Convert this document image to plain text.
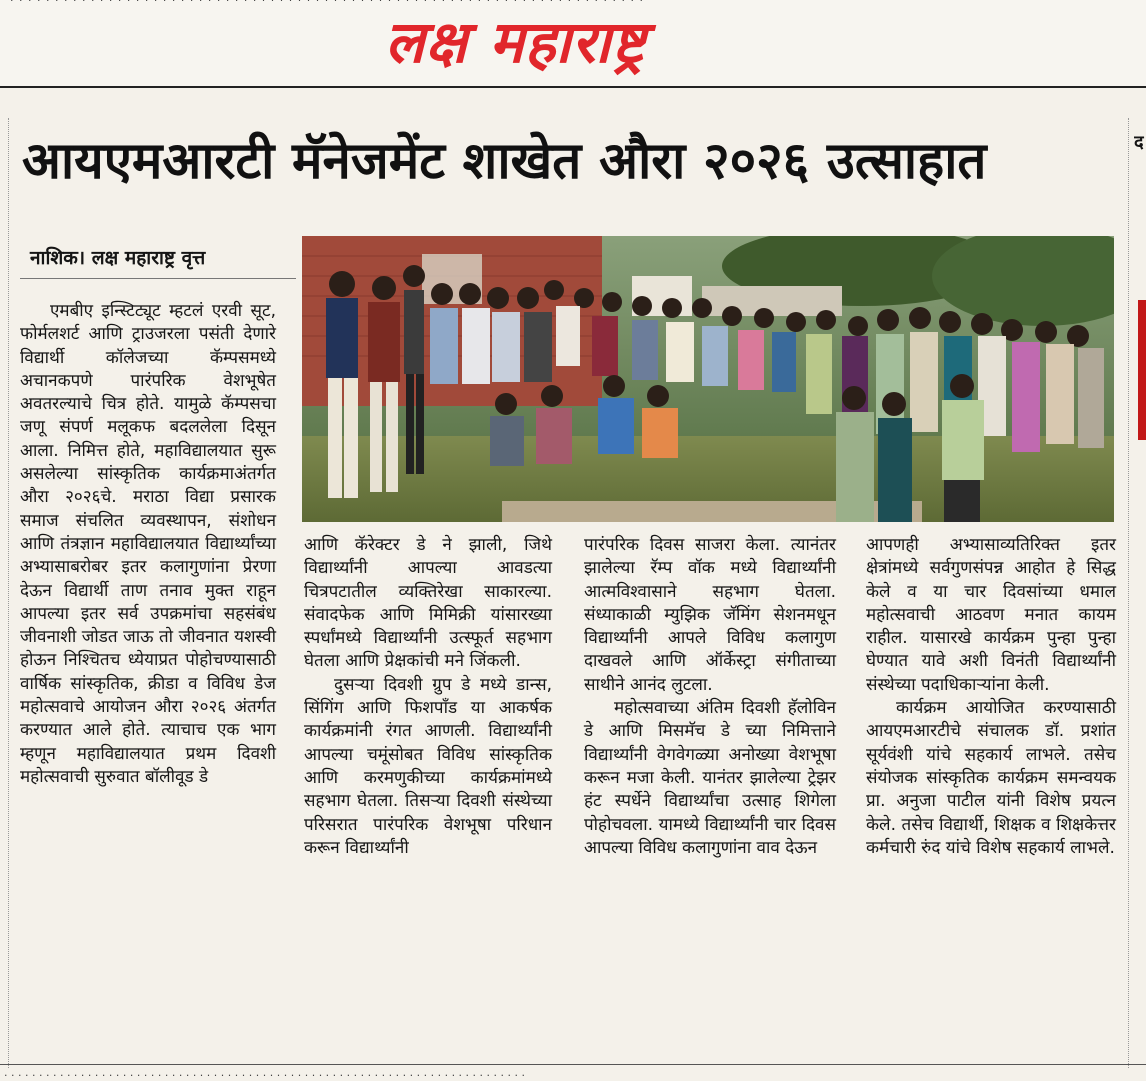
लक्ष महाराष्ट्र
आयएमआरटी मॅनेजमेंट शाखेत औरा २०२६ उत्साहात	द
नाशिक। लक्ष महाराष्ट्र वृत्त

एमबीए इन्स्टिट्यूट म्हटलं एरवी सूट, फोर्मलशर्ट आणि ट्राउजरला पसंती देणारे विद्यार्थी कॉलेजच्या कॅम्पसमध्ये अचानकपणे पारंपरिक वेशभूषेत अवतरल्याचे चित्र होते. यामुळे कॅम्पसचा जणू संपर्ण मलूकफ बदललेला दिसून आला. निमित्त होते, महाविद्यालयात सुरू असलेल्या सांस्कृतिक कार्यक्रमाअंतर्गत औरा २०२६चे. मराठा विद्या प्रसारक समाज संचलित व्यवस्थापन, संशोधन आणि तंत्रज्ञान महाविद्यालयात विद्यार्थ्यांच्या अभ्यासाबरोबर इतर कलागुणांना प्रेरणा देऊन विद्यार्थी ताण तनाव मुक्त राहून आपल्या इतर सर्व उपक्रमांचा सहसंबंध जीवनाशी जोडत जाऊ तो जीवनात यशस्वी होऊन निश्चितच ध्येयाप्रत पोहोचण्यासाठी वार्षिक सांस्कृतिक, क्रीडा व विविध डेज महोत्सवाचे आयोजन औरा २०२६ अंतर्गत करण्यात आले होते. त्याचाच एक भाग म्हणून महाविद्यालयात प्रथम दिवशी महोत्सवाची सुरुवात बॉलीवूड डे

आणि कॅरेक्टर डे ने झाली, जिथे विद्यार्थ्यांनी आपल्या आवडत्या चित्रपटातील व्यक्तिरेखा साकारल्या. संवादफेक आणि मिमिक्री यांसारख्या स्पर्धांमध्ये विद्यार्थ्यांनी उत्स्फूर्त सहभाग घेतला आणि प्रेक्षकांची मने जिंकली.

दुसऱ्या दिवशी ग्रुप डे मध्ये डान्स, सिंगिंग आणि फिशपॉंड या आकर्षक कार्यक्रमांनी रंगत आणली. विद्यार्थ्यांनी आपल्या चमूंसोबत विविध सांस्कृतिक आणि करमणुकीच्या कार्यक्रमांमध्ये सहभाग घेतला. तिसऱ्या दिवशी संस्थेच्या परिसरात पारंपरिक वेशभूषा परिधान करून विद्यार्थ्यांनी

पारंपरिक दिवस साजरा केला. त्यानंतर झालेल्या रॅम्प वॉक मध्ये विद्यार्थ्यांनी आत्मविश्वासाने सहभाग घेतला. संध्याकाळी म्युझिक जॅमिंग सेशनमधून विद्यार्थ्यांनी आपले विविध कलागुण दाखवले आणि ऑर्केस्ट्रा संगीताच्या साथीने आनंद लुटला.

महोत्सवाच्या अंतिम दिवशी हॅलोविन डे आणि मिसमॅच डे च्या निमित्ताने विद्यार्थ्यांनी वेगवेगळ्या अनोख्या वेशभूषा करून मजा केली. यानंतर झालेल्या ट्रेझर हंट स्पर्धेने विद्यार्थ्यांचा उत्साह शिगेला पोहोचवला. यामध्ये विद्यार्थ्यांनी चार दिवस आपल्या विविध कलागुणांना वाव देऊन

आपणही अभ्यासाव्यतिरिक्त इतर क्षेत्रांमध्ये सर्वगुणसंपन्न आहोत हे सिद्ध केले व या चार दिवसांच्या धमाल महोत्सवाची आठवण मनात कायम राहील. यासारखे कार्यक्रम पुन्हा पुन्हा घेण्यात यावे अशी विनंती विद्यार्थ्यांनी संस्थेच्या पदाधिकाऱ्यांना केली.

कार्यक्रम आयोजित करण्यासाठी आयएमआरटीचे संचालक डॉ. प्रशांत सूर्यवंशी यांचे सहकार्य लाभले. तसेच संयोजक सांस्कृतिक कार्यक्रम समन्वयक प्रा. अनुजा पाटील यांनी विशेष प्रयत्न केले. तसेच विद्यार्थी, शिक्षक व शिक्षकेत्तर कर्मचारी रुंद यांचे विशेष सहकार्य लाभले.

· · · · · · · · · · · · · · · · · · · · · · · · · · · · · · · · · · · · · · · · · · · · · · · · · · · · · · · · · · · · · · · · · · · · · · · · · · ·
